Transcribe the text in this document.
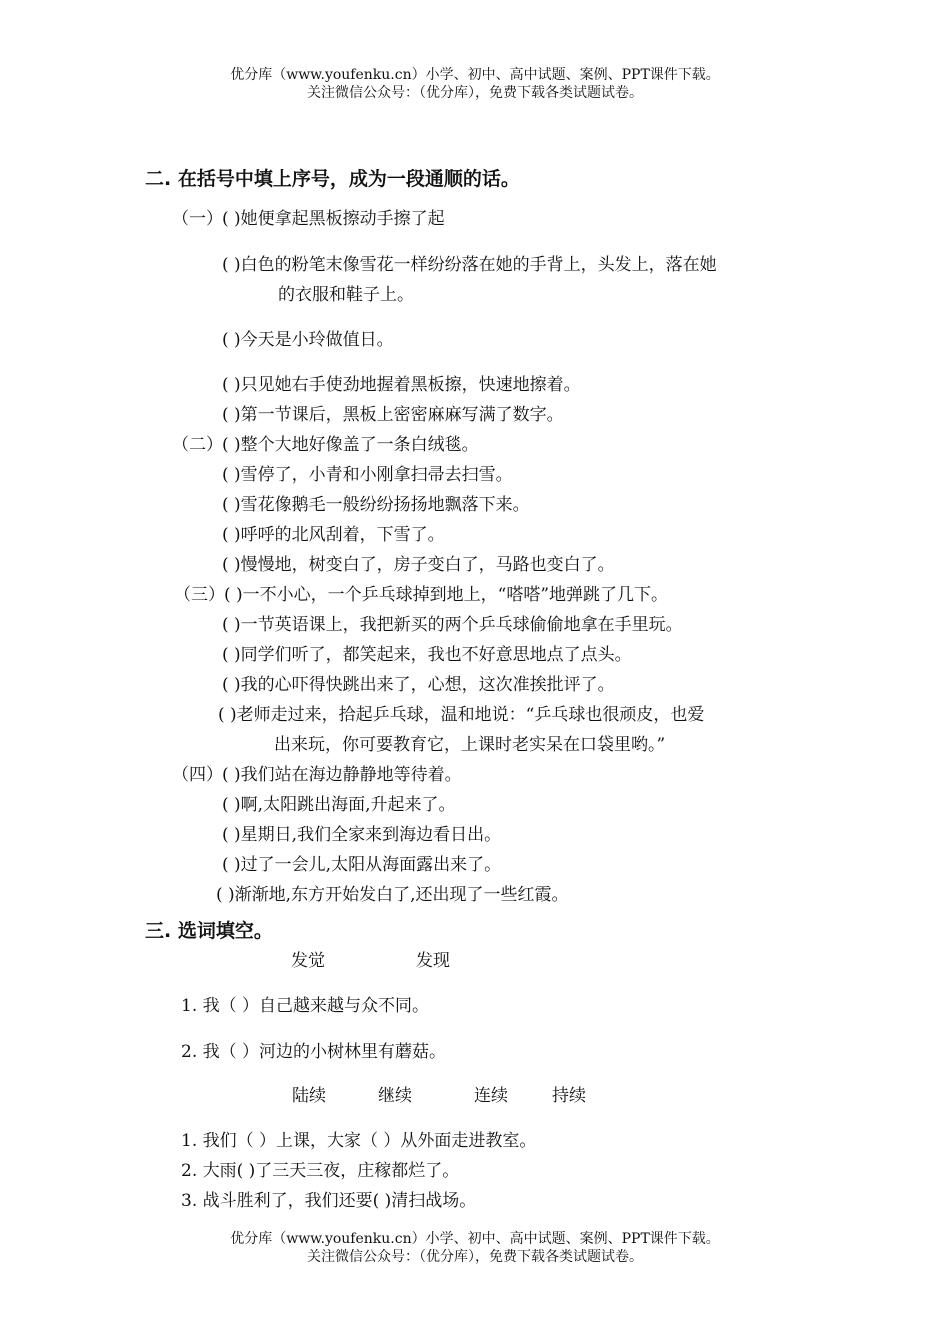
优分库（www.youfenku.cn）小学、初中、高中试题、案例、PPT课件下载。
关注微信公众号：（优分库），免费下载各类试题试卷。
二. 在括号中填上序号，成为一段通顺的话。
（一）( )她便拿起黑板擦动手擦了起
( )白色的粉笔末像雪花一样纷纷落在她的手背上，头发上，落在她
的衣服和鞋子上。
( )今天是小玲做值日。
( )只见她右手使劲地握着黑板擦，快速地擦着。
( )第一节课后，黑板上密密麻麻写满了数字。
（二）( )整个大地好像盖了一条白绒毯。
( )雪停了，小青和小刚拿扫帚去扫雪。
( )雪花像鹅毛一般纷纷扬扬地飘落下来。
( )呼呼的北风刮着，下雪了。
( )慢慢地，树变白了，房子变白了，马路也变白了。
（三）( )一不小心，一个乒乓球掉到地上，“嗒嗒”地弹跳了几下。
( )一节英语课上，我把新买的两个乒乓球偷偷地拿在手里玩。
( )同学们听了，都笑起来，我也不好意思地点了点头。
( )我的心吓得快跳出来了，心想，这次准挨批评了。
( )老师走过来，拾起乒乓球，温和地说：“乒乓球也很顽皮，也爱
出来玩，你可要教育它，上课时老实呆在口袋里哟。”
（四）( )我们站在海边静静地等待着。
( )啊,太阳跳出海面,升起来了。
( )星期日,我们全家来到海边看日出。
( )过了一会儿,太阳从海面露出来了。
( )渐渐地,东方开始发白了,还出现了一些红霞。
三. 选词填空。
发觉	发现
1. 我（ ）自己越来越与众不同。
2. 我（ ）河边的小树林里有蘑菇。
陆续	继续	连续	持续
1. 我们（ ）上课，大家（ ）从外面走进教室。
2. 大雨( )了三天三夜，庄稼都烂了。
3. 战斗胜利了，我们还要( )清扫战场。
优分库（www.youfenku.cn）小学、初中、高中试题、案例、PPT课件下载。
关注微信公众号：（优分库），免费下载各类试题试卷。
